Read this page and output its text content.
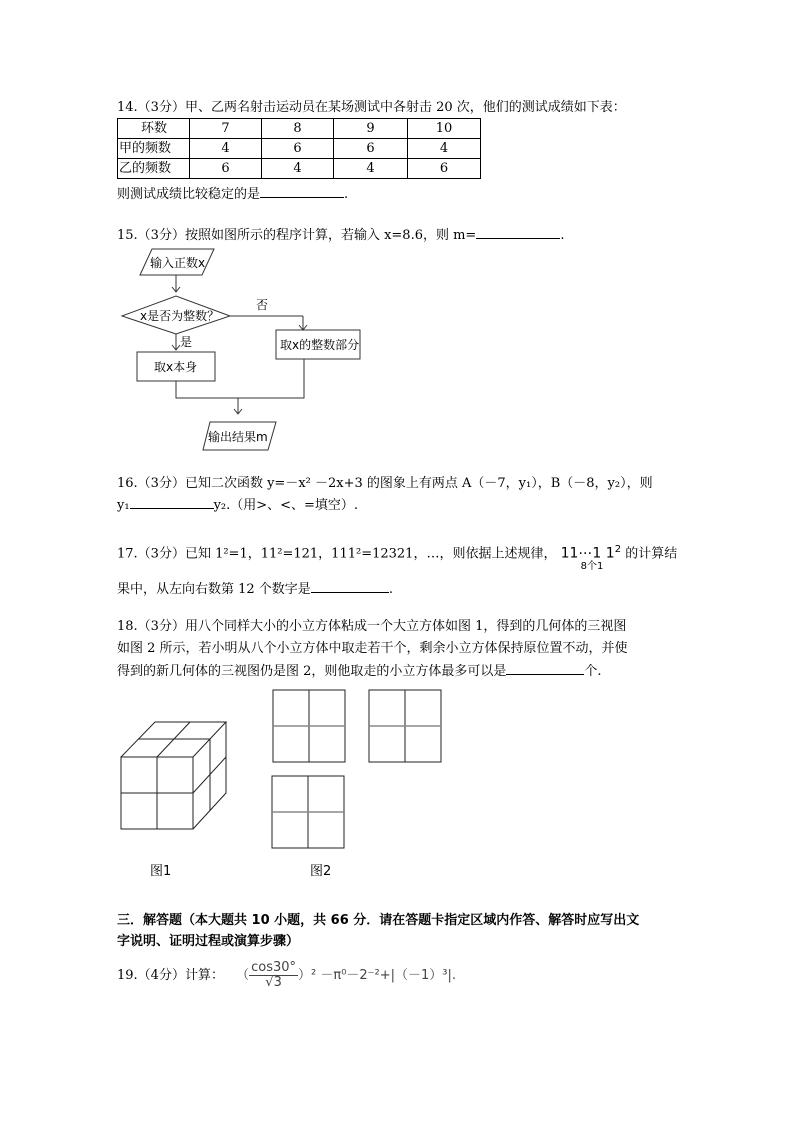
14.（3分）甲、乙两名射击运动员在某场测试中各射击 20 次，他们的测试成绩如下表：
环数	7	8	9	10
甲的频数	4	6	6	4
乙的频数	6	4	4	6
则测试成绩比较稳定的是	.
15.（3分）按照如图所示的程序计算，若输入 x=8.6，则 m=	.
输入正数x
x是否为整数？
否
是
取x本身
取x的整数部分
输出结果m
16.（3分）已知二次函数 y=－x² －2x+3 的图象上有两点 A（－7，y₁），B（－8，y₂），则
y₁	y₂.（用>、<、=填空）.
17.（3分）已知 1²=1，11²=121，111²=12321，…，则依据上述规律， 11⋯1 $1^2$
8个1
的计算结
果中，从左向右数第 12 个数字是	.
18.（3分）用八个同样大小的小立方体粘成一个大立方体如图 1，得到的几何体的三视图
如图 2 所示，若小明从八个小立方体中取走若干个，剩余小立方体保持原位置不动，并使
得到的新几何体的三视图仍是图 2，则他取走的小立方体最多可以是	个.
图1	图2
三．解答题（本大题共 10 小题，共 66 分．请在答题卡指定区域内作答、解答时应写出文
字说明、证明过程或演算步骤）
19.（4分）计算： （ $\frac{\cos 30^\circ}{√3} )^2 -\pi^0-2^{-2}+|(-1)^3|$.
